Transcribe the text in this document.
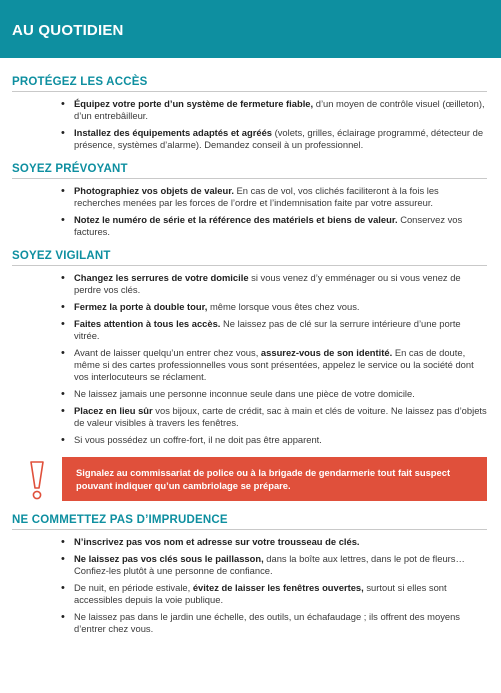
AU QUOTIDIEN
PROTÉGEZ LES ACCÈS
• Équipez votre porte d’un système de fermeture fiable, d’un moyen de contrôle visuel (œilleton), d’un entrebâilleur.
• Installez des équipements adaptés et agréés (volets, grilles, éclairage programmé, détecteur de présence, systèmes d’alarme). Demandez conseil à un professionnel.
SOYEZ PRÉVOYANT
• Photographiez vos objets de valeur. En cas de vol, vos clichés faciliteront à la fois les recherches menées par les forces de l’ordre et l’indemnisation faite par votre assureur.
• Notez le numéro de série et la référence des matériels et biens de valeur. Conservez vos factures.
SOYEZ VIGILANT
• Changez les serrures de votre domicile si vous venez d’y emménager ou si vous venez de perdre vos clés.
• Fermez la porte à double tour, même lorsque vous êtes chez vous.
• Faites attention à tous les accès. Ne laissez pas de clé sur la serrure intérieure d’une porte vitrée.
• Avant de laisser quelqu’un entrer chez vous, assurez-vous de son identité. En cas de doute, même si des cartes professionnelles vous sont présentées, appelez le service ou la société dont vos interlocuteurs se réclament.
• Ne laissez jamais une personne inconnue seule dans une pièce de votre domicile.
• Placez en lieu sûr vos bijoux, carte de crédit, sac à main et clés de voiture. Ne laissez pas d’objets de valeur visibles à travers les fenêtres.
• Si vous possédez un coffre-fort, il ne doit pas être apparent.
Signalez au commissariat de police ou à la brigade de gendarmerie tout fait suspect pouvant indiquer qu’un cambriolage se prépare.
NE COMMETTEZ PAS D’IMPRUDENCE
• N’inscrivez pas vos nom et adresse sur votre trousseau de clés.
• Ne laissez pas vos clés sous le paillasson, dans la boîte aux lettres, dans le pot de fleurs… Confiez-les plutôt à une personne de confiance.
• De nuit, en période estivale, évitez de laisser les fenêtres ouvertes, surtout si elles sont accessibles depuis la voie publique.
• Ne laissez pas dans le jardin une échelle, des outils, un échafaudage ; ils offrent des moyens d’entrer chez vous.
